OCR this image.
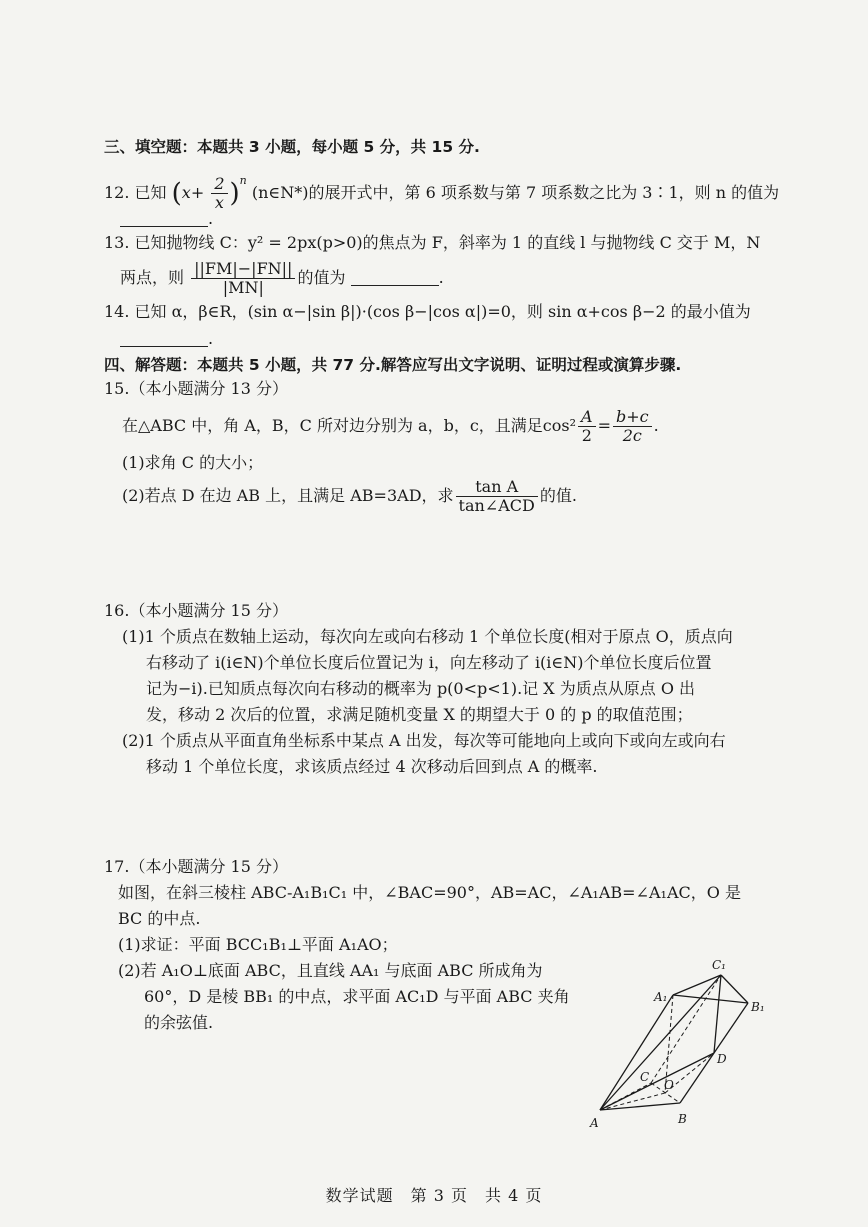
三、填空题：本题共 3 小题，每小题 5 分，共 15 分.
12. 已知 $(x+ \frac{2}{x} )^n$ (n∈N*)的展开式中，第 6 项系数与第 7 项系数之比为 3∶1，则 n 的值为
.
13. 已知抛物线 C：y² = 2px(p>0)的焦点为 F，斜率为 1 的直线 l 与抛物线 C 交于 M，N
两点，则 $\frac{||FM|-|FN||}{|MN|}$ 的值为	.
14. 已知 α，β∈R，(sin α−|sin β|)·(cos β−|cos α|)=0，则 sin α+cos β−2 的最小值为
.
四、解答题：本题共 5 小题，共 77 分.解答应写出文字说明、证明过程或演算步骤.
15.（本小题满分 13 分）
在△ABC 中，角 A，B，C 所对边分别为 a，b，c，且满足$\cos^2 \frac{A}{2} = \frac{b+c}{2c}$ .
(1)求角 C 的大小；
(2)若点 D 在边 AB 上，且满足 AB=3AD，求 $\frac{\text{tan A}}{\text{tan∠ACD}}$ 的值.
16.（本小题满分 15 分）
(1)1 个质点在数轴上运动，每次向左或向右移动 1 个单位长度(相对于原点 O，质点向
右移动了 i(i∈N)个单位长度后位置记为 i，向左移动了 i(i∈N)个单位长度后位置
记为−i).已知质点每次向右移动的概率为 p(0<p<1).记 X 为质点从原点 O 出
发，移动 2 次后的位置，求满足随机变量 X 的期望大于 0 的 p 的取值范围；
(2)1 个质点从平面直角坐标系中某点 A 出发，每次等可能地向上或向下或向左或向右
移动 1 个单位长度，求该质点经过 4 次移动后回到点 A 的概率.
17.（本小题满分 15 分）
如图，在斜三棱柱 ABC-A₁B₁C₁ 中，∠BAC=90°，AB=AC，∠A₁AB=∠A₁AC，O 是
BC 的中点.
(1)求证：平面 BCC₁B₁⊥平面 A₁AO；
(2)若 A₁O⊥底面 ABC，且直线 AA₁ 与底面 ABC 所成角为
60°，D 是棱 BB₁ 的中点，求平面 AC₁D 与平面 ABC 夹角
的余弦值.
A	B
C
O
D
A₁
B₁
C₁
数学试题　第 3 页　共 4 页
